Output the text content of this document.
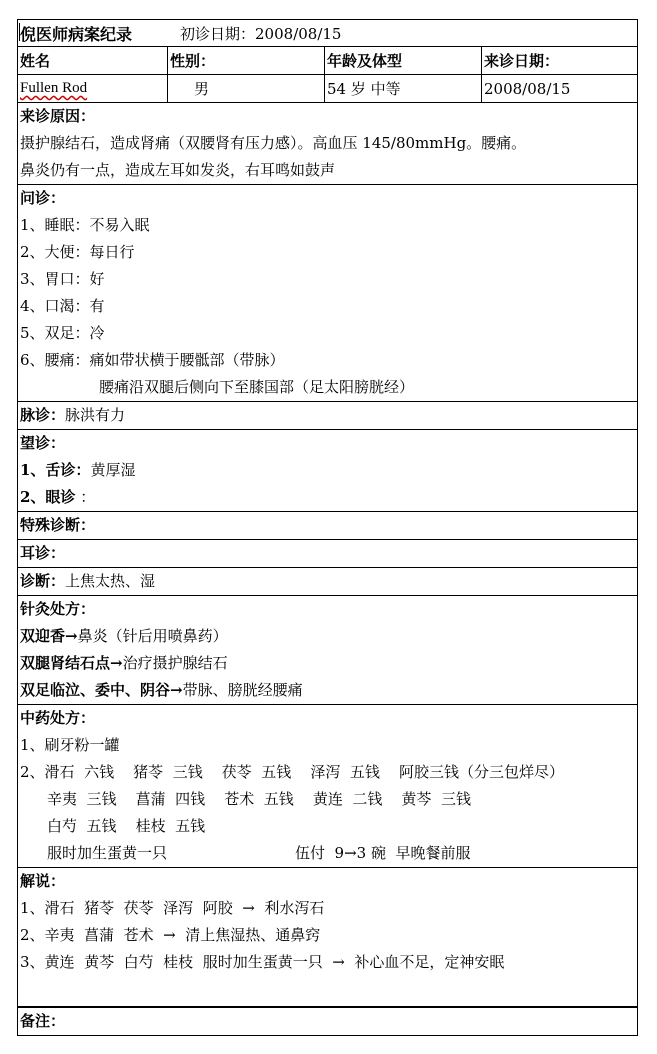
倪医师病案纪录	初诊日期：2008/08/15
姓名	性别：	年龄及体型	来诊日期：
Fullen Rod	男	54 岁 中等	2008/08/15
来诊原因：
摄护腺结石，造成肾痛（双腰肾有压力感）。高血压 145/80mmHg。腰痛。
鼻炎仍有一点，造成左耳如发炎，右耳鸣如鼓声
问诊：
1、睡眠：不易入眠
2、大便：每日行
3、胃口：好
4、口渴：有
5、双足：冷
6、腰痛：痛如带状横于腰骶部（带脉）
腰痛沿双腿后侧向下至膝国部（足太阳膀胱经）
脉诊：脉洪有力
望诊：
1、舌诊：黄厚湿
2、眼诊 ：
特殊诊断：
耳诊：
诊断：上焦太热、湿
针灸处方：
双迎香→鼻炎（针后用喷鼻药）
双腿肾结石点→治疗摄护腺结石
双足临泣、委中、阴谷→带脉、膀胱经腰痛
中药处方：
1、刷牙粉一罐
2、滑石  六钱    猪苓  三钱    茯苓  五钱    泽泻  五钱    阿胶三钱（分三包烊尽）
辛夷  三钱    菖蒲  四钱    苍术  五钱    黄连  二钱    黄芩  三钱
白芍  五钱    桂枝  五钱
服时加生蛋黄一只	伍付  9→3 碗  早晚餐前服
解说：
1、滑石  猪苓  茯苓  泽泻  阿胶  →  利水泻石
2、辛夷  菖蒲  苍术  →  清上焦湿热、通鼻窍
3、黄连  黄芩  白芍  桂枝  服时加生蛋黄一只  →  补心血不足，定神安眠
备注：
